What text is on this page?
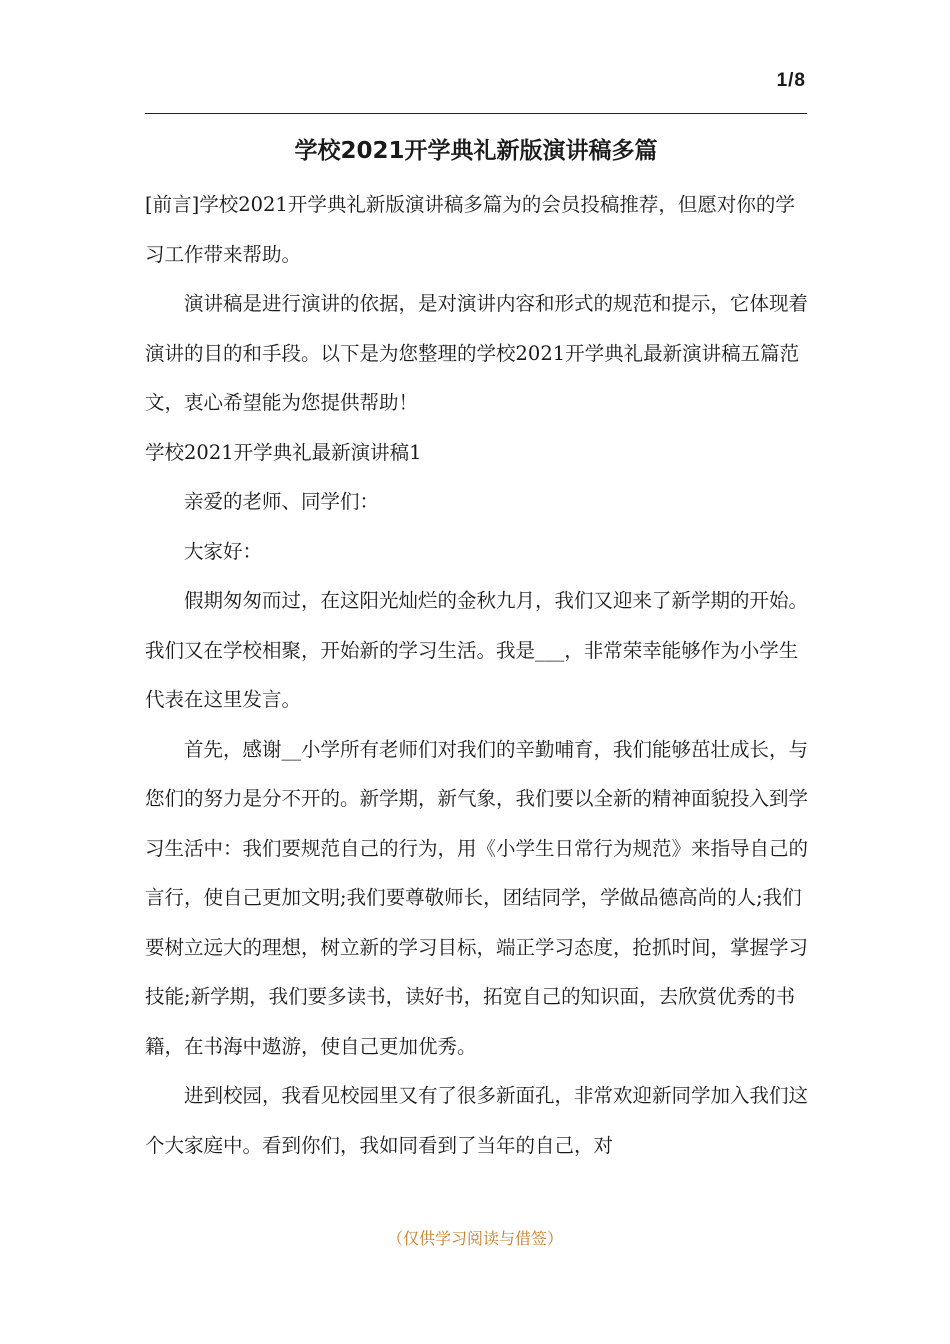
1/8
学校2021开学典礼新版演讲稿多篇

[前言]学校2021开学典礼新版演讲稿多篇为的会员投稿推荐，但愿对你的学习工作带来帮助。

演讲稿是进行演讲的依据，是对演讲内容和形式的规范和提示，它体现着演讲的目的和手段。以下是为您整理的学校2021开学典礼最新演讲稿五篇范文，衷心希望能为您提供帮助！

学校2021开学典礼最新演讲稿1

亲爱的老师、同学们：

大家好：

假期匆匆而过，在这阳光灿烂的金秋九月，我们又迎来了新学期的开始。我们又在学校相聚，开始新的学习生活。我是___，非常荣幸能够作为小学生代表在这里发言。

首先，感谢__小学所有老师们对我们的辛勤哺育，我们能够茁壮成长，与您们的努力是分不开的。新学期，新气象，我们要以全新的精神面貌投入到学习生活中：我们要规范自己的行为，用《小学生日常行为规范》来指导自己的言行，使自己更加文明;我们要尊敬师长，团结同学，学做品德高尚的人;我们要树立远大的理想，树立新的学习目标，端正学习态度，抢抓时间，掌握学习技能;新学期，我们要多读书，读好书，拓宽自己的知识面，去欣赏优秀的书籍，在书海中遨游，使自己更加优秀。

进到校园，我看见校园里又有了很多新面孔，非常欢迎新同学加入我们这个大家庭中。看到你们，我如同看到了当年的自己，对

（仅供学习阅读与借签）
